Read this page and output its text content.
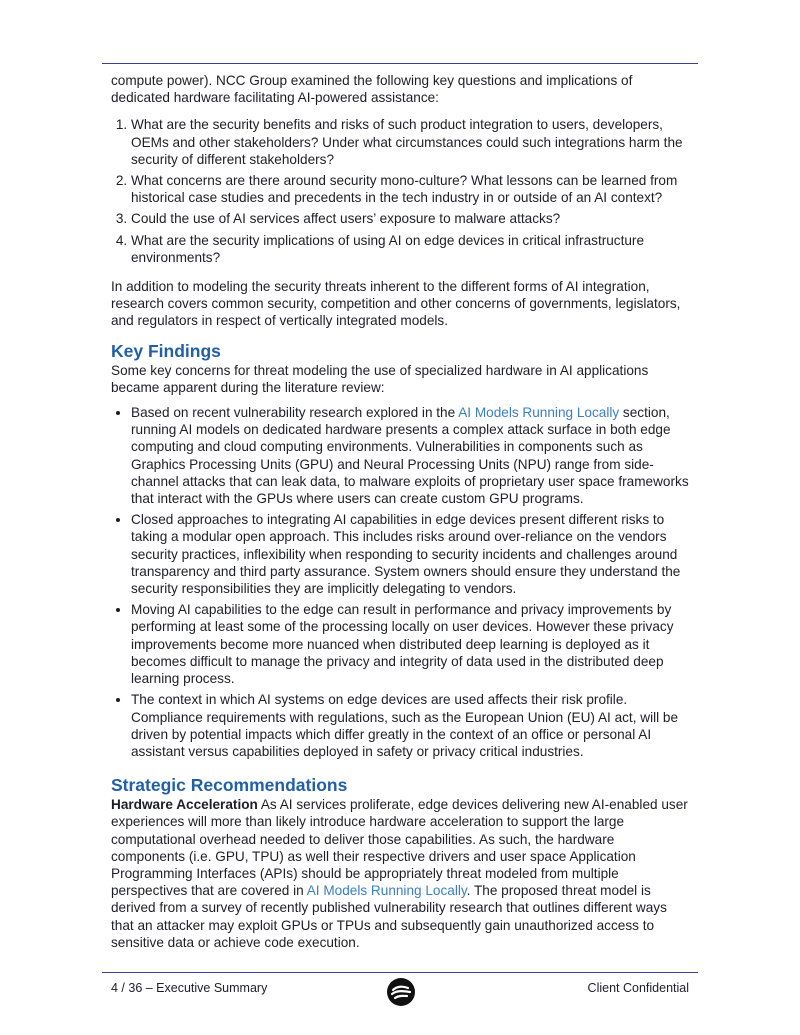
compute power). NCC Group examined the following key questions and implications of dedicated hardware facilitating AI-powered assistance:

1. What are the security benefits and risks of such product integration to users, developers, OEMs and other stakeholders? Under what circumstances could such integrations harm the security of different stakeholders?
2. What concerns are there around security mono-culture? What lessons can be learned from historical case studies and precedents in the tech industry in or outside of an AI context?
3. Could the use of AI services affect users’ exposure to malware attacks?
4. What are the security implications of using AI on edge devices in critical infrastructure environments?

In addition to modeling the security threats inherent to the different forms of AI integration, research covers common security, competition and other concerns of governments, legislators, and regulators in respect of vertically integrated models.

Key Findings

Some key concerns for threat modeling the use of specialized hardware in AI applications became apparent during the literature review:

• Based on recent vulnerability research explored in the AI Models Running Locally section, running AI models on dedicated hardware presents a complex attack surface in both edge computing and cloud computing environments. Vulnerabilities in components such as Graphics Processing Units (GPU) and Neural Processing Units (NPU) range from side-channel attacks that can leak data, to malware exploits of proprietary user space frameworks that interact with the GPUs where users can create custom GPU programs.
• Closed approaches to integrating AI capabilities in edge devices present different risks to taking a modular open approach. This includes risks around over-reliance on the vendors security practices, inflexibility when responding to security incidents and challenges around transparency and third party assurance. System owners should ensure they understand the security responsibilities they are implicitly delegating to vendors.
• Moving AI capabilities to the edge can result in performance and privacy improvements by performing at least some of the processing locally on user devices. However these privacy improvements become more nuanced when distributed deep learning is deployed as it becomes difficult to manage the privacy and integrity of data used in the distributed deep learning process.
• The context in which AI systems on edge devices are used affects their risk profile. Compliance requirements with regulations, such as the European Union (EU) AI act, will be driven by potential impacts which differ greatly in the context of an office or personal AI assistant versus capabilities deployed in safety or privacy critical industries.
Strategic Recommendations

Hardware Acceleration As AI services proliferate, edge devices delivering new AI-enabled user experiences will more than likely introduce hardware acceleration to support the large computational overhead needed to deliver those capabilities. As such, the hardware components (i.e. GPU, TPU) as well their respective drivers and user space Application Programming Interfaces (APIs) should be appropriately threat modeled from multiple perspectives that are covered in AI Models Running Locally. The proposed threat model is derived from a survey of recently published vulnerability research that outlines different ways that an attacker may exploit GPUs or TPUs and subsequently gain unauthorized access to sensitive data or achieve code execution.

4 / 36 – Executive Summary	Client Confidential
